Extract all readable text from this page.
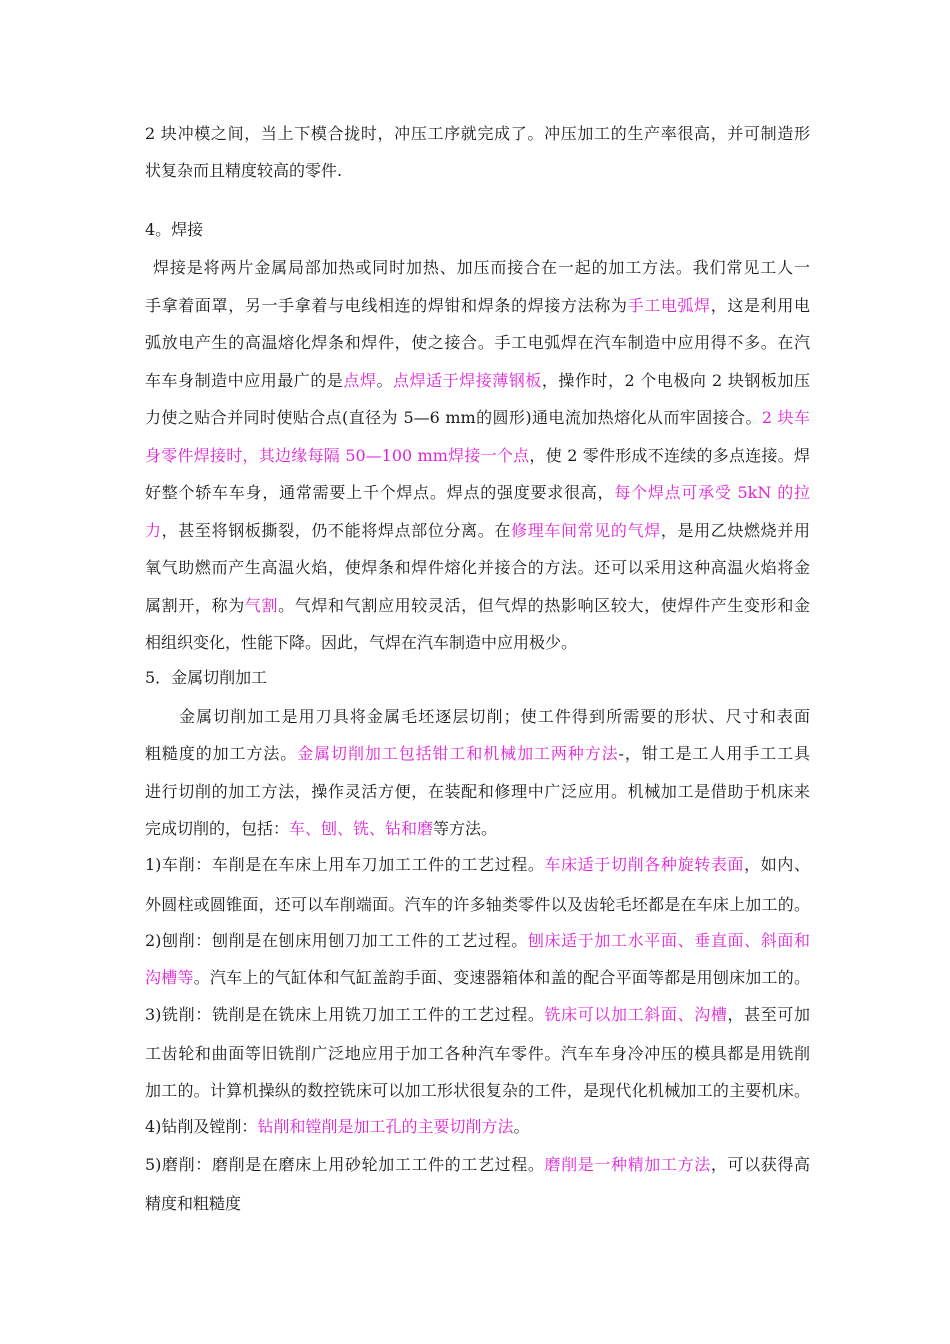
2 块冲模之间，当上下模合拢时，冲压工序就完成了。冲压加工的生产率很高，并可制造形
状复杂而且精度较高的零件.
4。焊接
焊接是将两片金属局部加热或同时加热、加压而接合在一起的加工方法。我们常见工人一
手拿着面罩，另一手拿着与电线相连的焊钳和焊条的焊接方法称为手工电弧焊，这是利用电
弧放电产生的高温熔化焊条和焊件，使之接合。手工电弧焊在汽车制造中应用得不多。在汽
车车身制造中应用最广的是点焊。点焊适于焊接薄钢板，操作时，2 个电极向 2 块钢板加压
力使之贴合并同时使贴合点(直径为 5—6 mm的圆形)通电流加热熔化从而牢固接合。2 块车
身零件焊接时，其边缘每隔 50—100 mm焊接一个点，使 2 零件形成不连续的多点连接。焊
好整个轿车车身，通常需要上千个焊点。焊点的强度要求很高，每个焊点可承受 5kN 的拉
力，甚至将钢板撕裂，仍不能将焊点部位分离。在修理车间常见的气焊，是用乙炔燃烧并用
氧气助燃而产生高温火焰，使焊条和焊件熔化并接合的方法。还可以采用这种高温火焰将金
属割开，称为气割。气焊和气割应用较灵活，但气焊的热影响区较大，使焊件产生变形和金
相组织变化，性能下降。因此，气焊在汽车制造中应用极少。
5．金属切削加工
金属切削加工是用刀具将金属毛坯逐层切削；使工件得到所需要的形状、尺寸和表面
粗糙度的加工方法。金属切削加工包括钳工和机械加工两种方法-，钳工是工人用手工工具
进行切削的加工方法，操作灵活方便，在装配和修理中广泛应用。机械加工是借助于机床来
完成切削的，包括：车、刨、铣、钻和磨等方法。
1)车削：车削是在车床上用车刀加工工件的工艺过程。车床适于切削各种旋转表面，如内、
外圆柱或圆锥面，还可以车削端面。汽车的许多轴类零件以及齿轮毛坯都是在车床上加工的。
2)刨削：刨削是在刨床用刨刀加工工件的工艺过程。刨床适于加工水平面、垂直面、斜面和
沟槽等。汽车上的气缸体和气缸盖韵手面、变速器箱体和盖的配合平面等都是用刨床加工的。
3)铣削：铣削是在铣床上用铣刀加工工件的工艺过程。铣床可以加工斜面、沟槽，甚至可加
工齿轮和曲面等旧铣削广泛地应用于加工各种汽车零件。汽车车身冷冲压的模具都是用铣削
加工的。计算机操纵的数控铣床可以加工形状很复杂的工件，是现代化机械加工的主要机床。
4)钻削及镗削：钻削和镗削是加工孔的主要切削方法。
5)磨削：磨削是在磨床上用砂轮加工工件的工艺过程。磨削是一种精加工方法，可以获得高
精度和粗糙度
